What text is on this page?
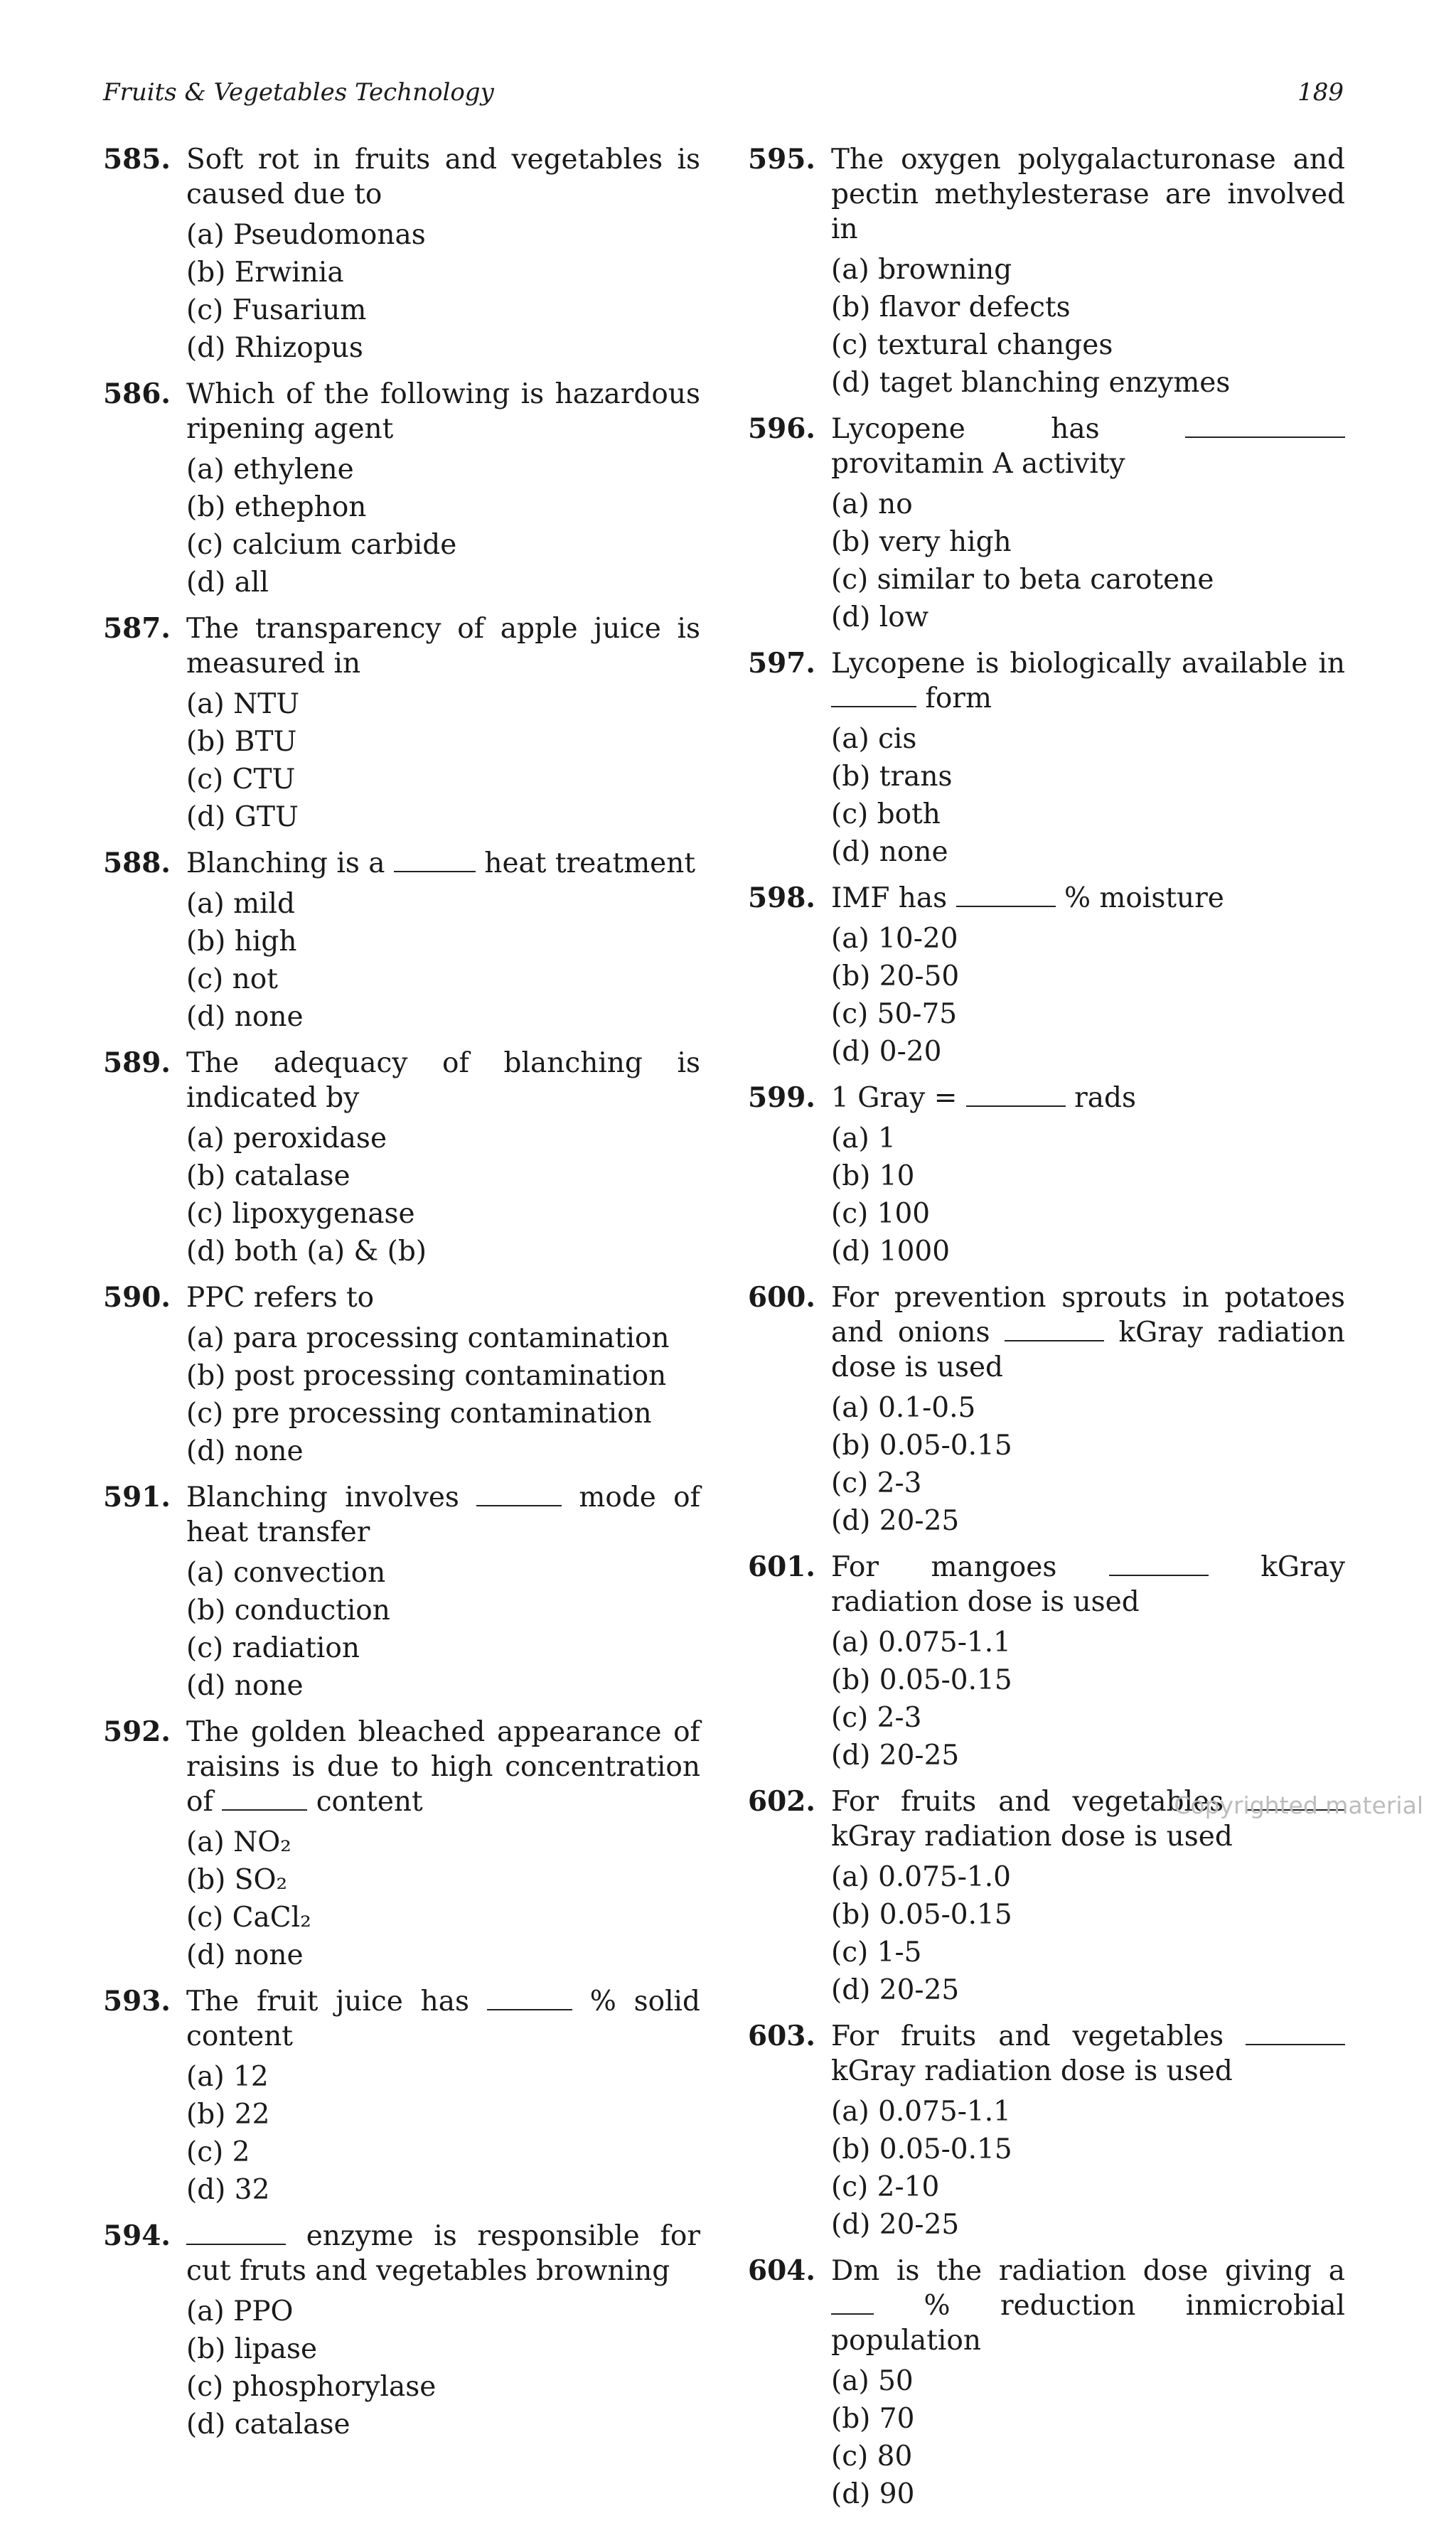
Fruits & Vegetables Technology	189
585. Soft rot in fruits and vegetables is caused due to
(a) Pseudomonas(b) Erwinia(c) Fusarium(d) Rhizopus
586. Which of the following is hazardous ripening agent
(a) ethylene(b) ethephon(c) calcium carbide(d) all
587. The transparency of apple juice is measured in
(a) NTU(b) BTU(c) CTU(d) GTU
588. Blanching is a	heat treatment
(a) mild(b) high(c) not(d) none
589. The adequacy of blanching is indicated by
(a) peroxidase(b) catalase(c) lipoxygenase(d) both (a) & (b)
590. PPC refers to
(a) para processing contamination
(b) post processing contamination
(c) pre processing contamination
(d) none
591. Blanching involves	mode of heat transfer
(a) convection(b) conduction(c) radiation(d) none
592. The golden bleached appearance of raisins is due to high concentration of	content
(a) NO₂(b) SO₂(c) CaCl₂(d) none
593. The fruit juice has	% solid content
(a) 12(b) 22(c) 2(d) 32
594.	enzyme is responsible for cut fruts and vegetables browning
(a) PPO(b) lipase(c) phosphorylase(d) catalase
595. The oxygen polygalacturonase and pectin methylesterase are involved in
(a) browning
(b) flavor defects
(c) textural changes
(d) taget blanching enzymes
596. Lycopene has  provitamin A activity
(a) no(b) very high(c) similar to beta carotene(d) low
597. Lycopene is biologically available in  form
(a) cis(b) trans(c) both(d) none
598. IMF has	% moisture
(a) 10-20(b) 20-50(c) 50-75(d) 0-20
599. 1 Gray =	rads
(a) 1(b) 10(c) 100(d) 1000
600. For prevention sprouts in potatoes and onions	kGray radiation dose is used
(a) 0.1-0.5(b) 0.05-0.15(c) 2-3(d) 20-25
601. For mangoes	kGray radiation dose is used
(a) 0.075-1.1(b) 0.05-0.15(c) 2-3(d) 20-25
602. For fruits and vegetables  kGray radiation dose is used
(a) 0.075-1.0(b) 0.05-0.15(c) 1-5(d) 20-25
603. For fruits and vegetables  kGray radiation dose is used
(a) 0.075-1.1(b) 0.05-0.15(c) 2-10(d) 20-25
604. Dm is the radiation dose giving a  % reduction inmicrobial population
(a) 50(b) 70(c) 80(d) 90
Copyrighted material
